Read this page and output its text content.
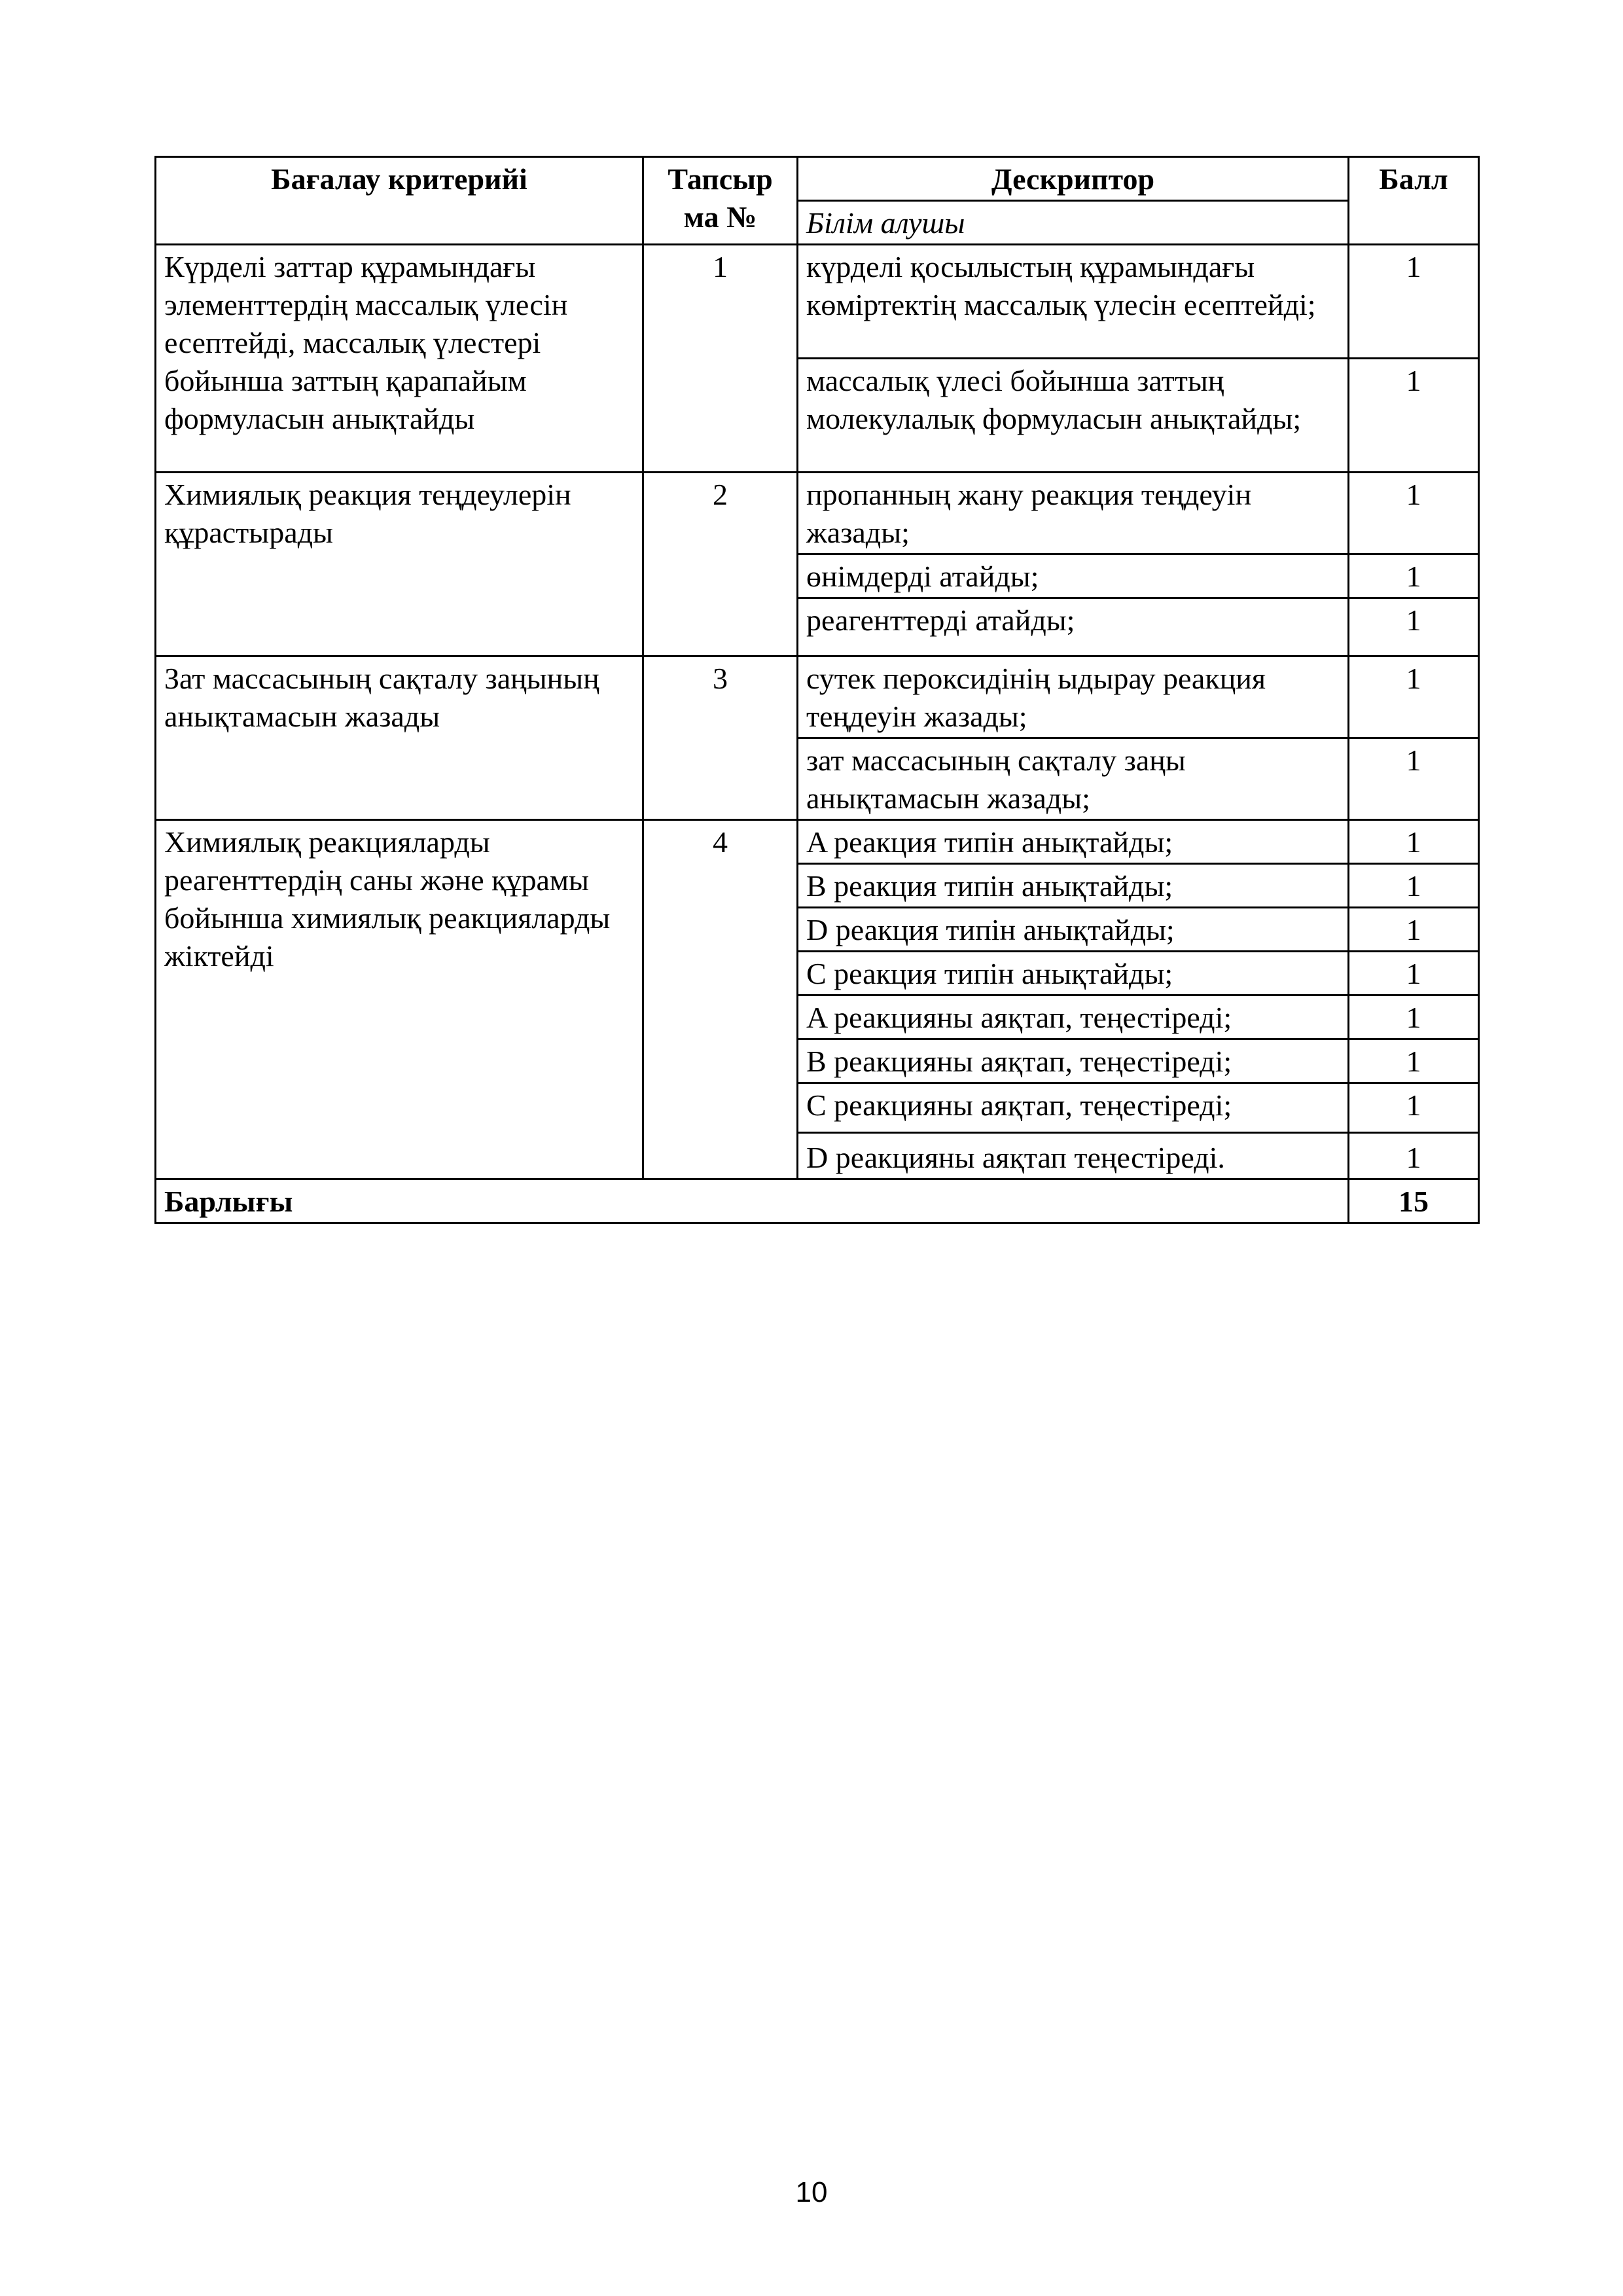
Бағалау критерийі	Тапсыр ма №	Дескриптор	Балл
		Білім алушы	
Күрделі заттар құрамындағы элементтердің массалық үлесін есептейді, массалық үлестері бойынша заттың қарапайым формуласын анықтайды	1	күрделі қосылыстың құрамындағы көміртектің массалық үлесін есептейді;	1
		массалық үлесі бойынша заттың молекулалық формуласын анықтайды;	1
Химиялық реакция теңдеулерін құрастырады	2	пропанның жану реакция теңдеуін жазады;	1
		өнімдерді атайды;	1
		реагенттерді атайды;	1
Зат массасының сақталу заңының анықтамасын жазады	3	сутек пероксидінің ыдырау реакция теңдеуін жазады;	1
		зат массасының сақталу заңы анықтамасын жазады;	1
Химиялық реакцияларды реагенттердің саны және құрамы бойынша химиялық реакцияларды жіктейді	4	A реакция типін анықтайды;	1
		B реакция типін анықтайды;	1
		D реакция типін анықтайды;	1
		C реакция типін анықтайды;	1
		A реакцияны аяқтап, теңестіреді;	1
		B реакцияны аяқтап, теңестіреді;	1
		C реакцияны аяқтап, теңестіреді;	1
		D реакцияны аяқтап теңестіреді.	1
Барлығы			15
10
